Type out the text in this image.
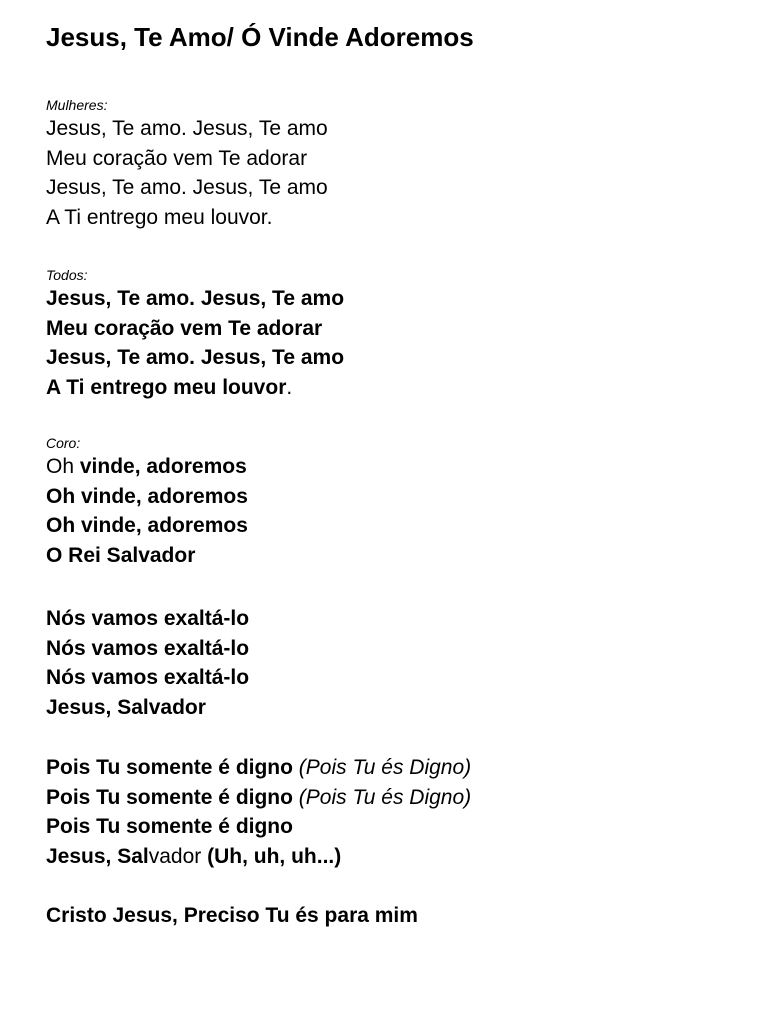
Jesus, Te Amo/ Ó Vinde Adoremos
Mulheres:
Jesus, Te amo. Jesus, Te amo
Meu coração vem Te adorar
Jesus, Te amo. Jesus, Te amo
A Ti entrego meu louvor.
Todos:
Jesus, Te amo. Jesus, Te amo
Meu coração vem Te adorar
Jesus, Te amo. Jesus, Te amo
A Ti entrego meu louvor.
Coro:
Oh vinde, adoremos
Oh vinde, adoremos
Oh vinde, adoremos
O Rei Salvador
Nós vamos exaltá-lo
Nós vamos exaltá-lo
Nós vamos exaltá-lo
Jesus, Salvador
Pois Tu somente é digno (Pois Tu és Digno)
Pois Tu somente é digno (Pois Tu és Digno)
Pois Tu somente é digno
Jesus, Salvador (Uh, uh, uh...)
Cristo Jesus, Preciso Tu és para mim
